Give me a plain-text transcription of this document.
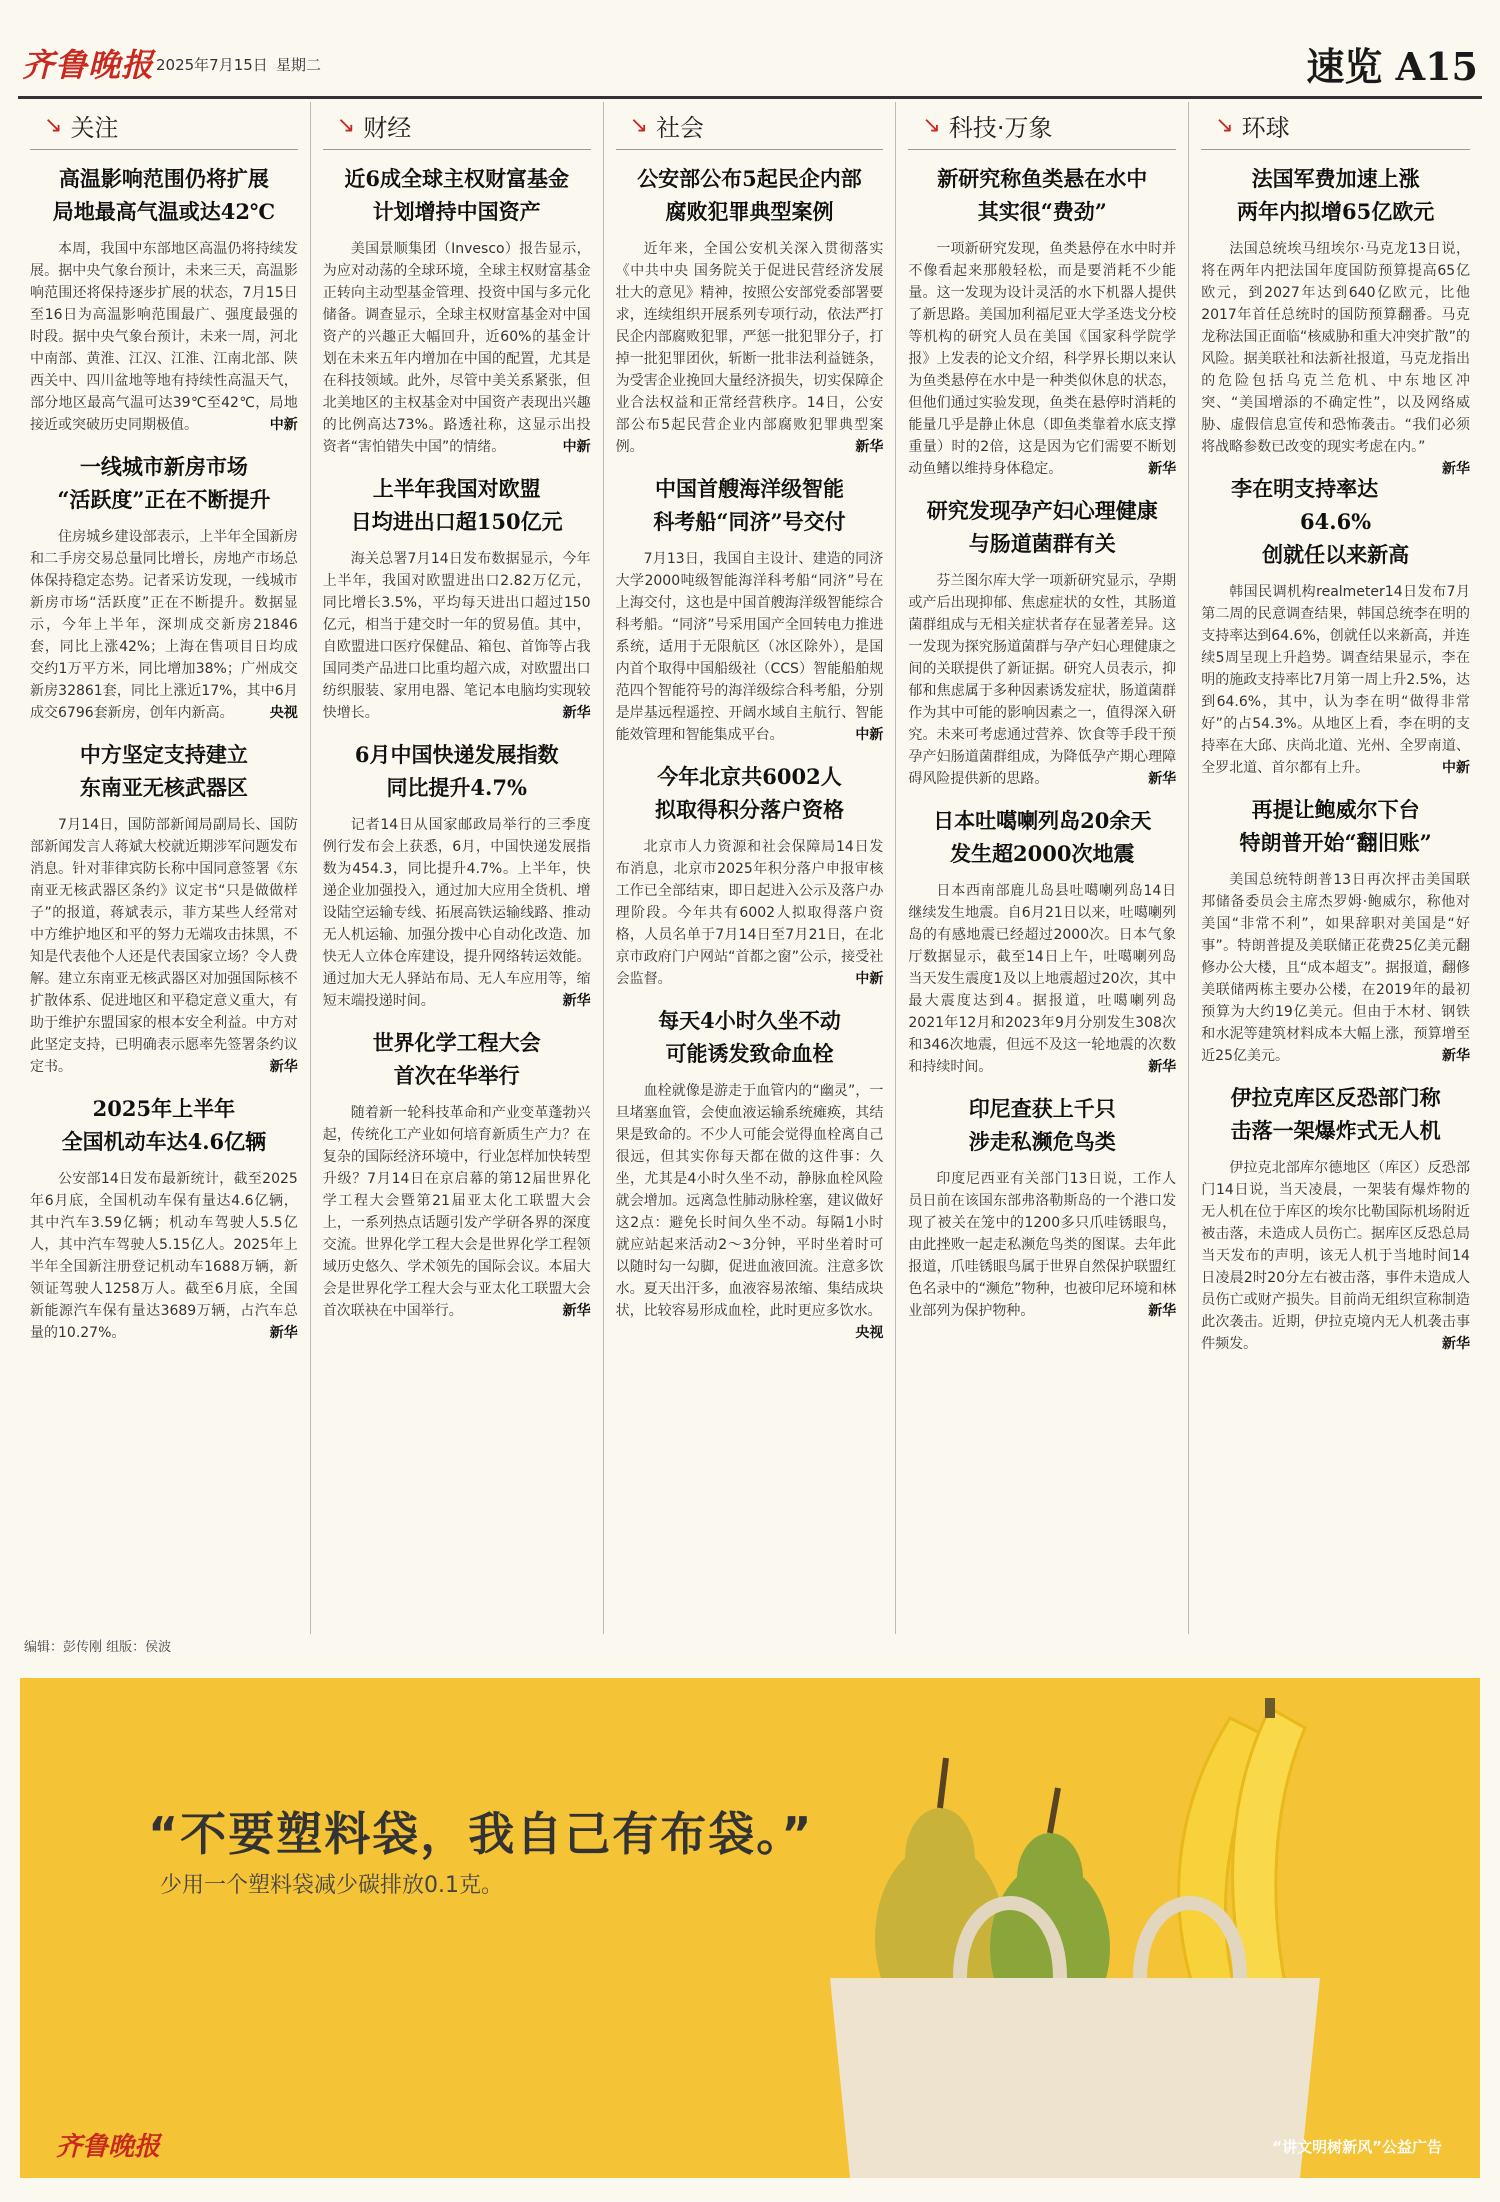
齐鲁晚报 2025年7月15日 星期二	速览 A15
↘ 关注
高温影响范围仍将扩展
局地最高气温或达42℃
本周，我国中东部地区高温仍将持续发展。据中央气象台预计，未来三天，高温影响范围还将保持逐步扩展的状态，7月15日至16日为高温影响范围最广、强度最强的时段。据中央气象台预计，未来一周，河北中南部、黄淮、江汉、江淮、江南北部、陕西关中、四川盆地等地有持续性高温天气，部分地区最高气温可达39℃至42℃，局地接近或突破历史同期极值。	中新
一线城市新房市场
“活跃度”正在不断提升
住房城乡建设部表示，上半年全国新房和二手房交易总量同比增长，房地产市场总体保持稳定态势。记者采访发现，一线城市新房市场“活跃度”正在不断提升。数据显示，今年上半年，深圳成交新房21846套，同比上涨42%；上海在售项目日均成交约1万平方米，同比增加38%；广州成交新房32861套，同比上涨近17%，其中6月成交6796套新房，创年内新高。	央视
中方坚定支持建立
东南亚无核武器区
7月14日，国防部新闻局副局长、国防部新闻发言人蒋斌大校就近期涉军问题发布消息。针对菲律宾防长称中国同意签署《东南亚无核武器区条约》议定书“只是做做样子”的报道，蒋斌表示，菲方某些人经常对中方维护地区和平的努力无端攻击抹黑，不知是代表他个人还是代表国家立场？令人费解。建立东南亚无核武器区对加强国际核不扩散体系、促进地区和平稳定意义重大，有助于维护东盟国家的根本安全利益。中方对此坚定支持，已明确表示愿率先签署条约议定书。	新华
2025年上半年
全国机动车达4.6亿辆
公安部14日发布最新统计，截至2025年6月底，全国机动车保有量达4.6亿辆，其中汽车3.59亿辆；机动车驾驶人5.5亿人，其中汽车驾驶人5.15亿人。2025年上半年全国新注册登记机动车1688万辆，新领证驾驶人1258万人。截至6月底，全国新能源汽车保有量达3689万辆，占汽车总量的10.27%。	新华
↘ 财经
近6成全球主权财富基金
计划增持中国资产
美国景顺集团（Invesco）报告显示，为应对动荡的全球环境，全球主权财富基金正转向主动型基金管理、投资中国与多元化储备。调查显示，全球主权财富基金对中国资产的兴趣正大幅回升，近60%的基金计划在未来五年内增加在中国的配置，尤其是在科技领域。此外，尽管中美关系紧张，但北美地区的主权基金对中国资产表现出兴趣的比例高达73%。路透社称，这显示出投资者“害怕错失中国”的情绪。	中新
上半年我国对欧盟
日均进出口超150亿元
海关总署7月14日发布数据显示，今年上半年，我国对欧盟进出口2.82万亿元，同比增长3.5%，平均每天进出口超过150亿元，相当于建交时一年的贸易值。其中，自欧盟进口医疗保健品、箱包、首饰等占我国同类产品进口比重均超六成，对欧盟出口纺织服装、家用电器、笔记本电脑均实现较快增长。	新华
6月中国快递发展指数
同比提升4.7%
记者14日从国家邮政局举行的三季度例行发布会上获悉，6月，中国快递发展指数为454.3，同比提升4.7%。上半年，快递企业加强投入，通过加大应用全货机、增设陆空运输专线、拓展高铁运输线路、推动无人机运输、加强分拨中心自动化改造、加快无人立体仓库建设，提升网络转运效能。通过加大无人驿站布局、无人车应用等，缩短末端投递时间。	新华
世界化学工程大会
首次在华举行
随着新一轮科技革命和产业变革蓬勃兴起，传统化工产业如何培育新质生产力？在复杂的国际经济环境中，行业怎样加快转型升级？7月14日在京启幕的第12届世界化学工程大会暨第21届亚太化工联盟大会上，一系列热点话题引发产学研各界的深度交流。世界化学工程大会是世界化学工程领域历史悠久、学术领先的国际会议。本届大会是世界化学工程大会与亚太化工联盟大会首次联袂在中国举行。	新华
↘ 社会
公安部公布5起民企内部
腐败犯罪典型案例
近年来，全国公安机关深入贯彻落实《中共中央 国务院关于促进民营经济发展壮大的意见》精神，按照公安部党委部署要求，连续组织开展系列专项行动，依法严打民企内部腐败犯罪，严惩一批犯罪分子，打掉一批犯罪团伙，斩断一批非法利益链条，为受害企业挽回大量经济损失，切实保障企业合法权益和正常经营秩序。14日，公安部公布5起民营企业内部腐败犯罪典型案例。	新华
中国首艘海洋级智能
科考船“同济”号交付
7月13日，我国自主设计、建造的同济大学2000吨级智能海洋科考船“同济”号在上海交付，这也是中国首艘海洋级智能综合科考船。“同济”号采用国产全回转电力推进系统，适用于无限航区（冰区除外），是国内首个取得中国船级社（CCS）智能船舶规范四个智能符号的海洋级综合科考船，分别是岸基远程遥控、开阔水域自主航行、智能能效管理和智能集成平台。	中新
今年北京共6002人
拟取得积分落户资格
北京市人力资源和社会保障局14日发布消息，北京市2025年积分落户申报审核工作已全部结束，即日起进入公示及落户办理阶段。今年共有6002人拟取得落户资格，人员名单于7月14日至7月21日，在北京市政府门户网站“首都之窗”公示，接受社会监督。	中新
每天4小时久坐不动
可能诱发致命血栓
血栓就像是游走于血管内的“幽灵”，一旦堵塞血管，会使血液运输系统瘫痪，其结果是致命的。不少人可能会觉得血栓离自己很远，但其实你每天都在做的这件事：久坐，尤其是4小时久坐不动，静脉血栓风险就会增加。远离急性肺动脉栓塞，建议做好这2点：避免长时间久坐不动。每隔1小时就应站起来活动2～3分钟，平时坐着时可以随时勾一勾脚，促进血液回流。注意多饮水。夏天出汗多，血液容易浓缩、集结成块状，比较容易形成血栓，此时更应多饮水。
央视
↘ 科技·万象
新研究称鱼类悬在水中
其实很“费劲”
一项新研究发现，鱼类悬停在水中时并不像看起来那般轻松，而是要消耗不少能量。这一发现为设计灵活的水下机器人提供了新思路。美国加利福尼亚大学圣迭戈分校等机构的研究人员在美国《国家科学院学报》上发表的论文介绍，科学界长期以来认为鱼类悬停在水中是一种类似休息的状态，但他们通过实验发现，鱼类在悬停时消耗的能量几乎是静止休息（即鱼类靠着水底支撑重量）时的2倍，这是因为它们需要不断划动鱼鳍以维持身体稳定。	新华
研究发现孕产妇心理健康
与肠道菌群有关
芬兰图尔库大学一项新研究显示，孕期或产后出现抑郁、焦虑症状的女性，其肠道菌群组成与无相关症状者存在显著差异。这一发现为探究肠道菌群与孕产妇心理健康之间的关联提供了新证据。研究人员表示，抑郁和焦虑属于多种因素诱发症状，肠道菌群作为其中可能的影响因素之一，值得深入研究。未来可考虑通过营养、饮食等手段干预孕产妇肠道菌群组成，为降低孕产期心理障碍风险提供新的思路。	新华
日本吐噶喇列岛20余天
发生超2000次地震
日本西南部鹿儿岛县吐噶喇列岛14日继续发生地震。自6月21日以来，吐噶喇列岛的有感地震已经超过2000次。日本气象厅数据显示，截至14日上午，吐噶喇列岛当天发生震度1及以上地震超过20次，其中最大震度达到4。据报道，吐噶喇列岛2021年12月和2023年9月分别发生308次和346次地震，但远不及这一轮地震的次数和持续时间。	新华
印尼查获上千只
涉走私濒危鸟类
印度尼西亚有关部门13日说，工作人员日前在该国东部弗洛勒斯岛的一个港口发现了被关在笼中的1200多只爪哇锈眼鸟，由此挫败一起走私濒危鸟类的图谋。去年此报道，爪哇锈眼鸟属于世界自然保护联盟红色名录中的“濒危”物种，也被印尼环境和林业部列为保护物种。	新华
↘ 环球
法国军费加速上涨
两年内拟增65亿欧元
法国总统埃马纽埃尔·马克龙13日说，将在两年内把法国年度国防预算提高65亿欧元，到2027年达到640亿欧元，比他2017年首任总统时的国防预算翻番。马克龙称法国正面临“核威胁和重大冲突扩散”的风险。据美联社和法新社报道，马克龙指出的危险包括乌克兰危机、中东地区冲突、“美国增添的不确定性”，以及网络威胁、虚假信息宣传和恐怖袭击。“我们必须将战略参数已改变的现实考虑在内。”
新华
李在明支持率达64.6%
创就任以来新高
韩国民调机构realmeter14日发布7月第二周的民意调查结果，韩国总统李在明的支持率达到64.6%，创就任以来新高，并连续5周呈现上升趋势。调查结果显示，李在明的施政支持率比7月第一周上升2.5%，达到64.6%，其中，认为李在明“做得非常好”的占54.3%。从地区上看，李在明的支持率在大邱、庆尚北道、光州、全罗南道、全罗北道、首尔都有上升。	中新
再提让鲍威尔下台
特朗普开始“翻旧账”
美国总统特朗普13日再次抨击美国联邦储备委员会主席杰罗姆·鲍威尔，称他对美国“非常不利”，如果辞职对美国是“好事”。特朗普提及美联储正花费25亿美元翻修办公大楼，且“成本超支”。据报道，翻修美联储两栋主要办公楼，在2019年的最初预算为大约19亿美元。但由于木材、钢铁和水泥等建筑材料成本大幅上涨，预算增至近25亿美元。	新华
伊拉克库区反恐部门称
击落一架爆炸式无人机
伊拉克北部库尔德地区（库区）反恐部门14日说，当天凌晨，一架装有爆炸物的无人机在位于库区的埃尔比勒国际机场附近被击落，未造成人员伤亡。据库区反恐总局当天发布的声明，该无人机于当地时间14日凌晨2时20分左右被击落，事件未造成人员伤亡或财产损失。目前尚无组织宣称制造此次袭击。近期，伊拉克境内无人机袭击事件频发。	新华
编辑：彭传刚 组版：侯波
“不要塑料袋，我自己有布袋。”
少用一个塑料袋减少碳排放0.1克。
齐鲁晚报	“讲文明树新风”公益广告
